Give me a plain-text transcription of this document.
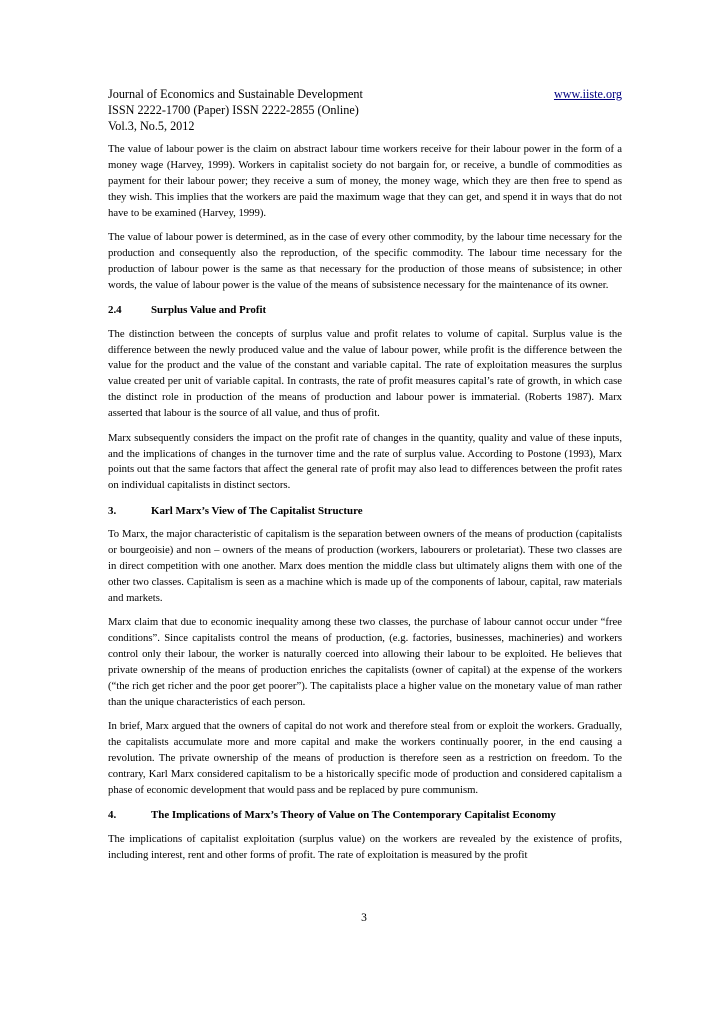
Journal of Economics and Sustainable Development	www.iiste.org
ISSN 2222-1700 (Paper) ISSN 2222-2855 (Online)
Vol.3, No.5, 2012

The value of labour power is the claim on abstract labour time workers receive for their labour power in the form of a money wage (Harvey, 1999). Workers in capitalist society do not bargain for, or receive, a bundle of commodities as payment for their labour power; they receive a sum of money, the money wage, which they are then free to spend as they wish. This implies that the workers are paid the maximum wage that they can get, and spend it in ways that do not have to be examined (Harvey, 1999).

The value of labour power is determined, as in the case of every other commodity, by the labour time necessary for the production and consequently also the reproduction, of the specific commodity. The labour time necessary for the production of labour power is the same as that necessary for the production of those means of subsistence; in other words, the value of labour power is the value of the means of subsistence necessary for the maintenance of its owner.

2.4	Surplus Value and Profit

The distinction between the concepts of surplus value and profit relates to volume of capital. Surplus value is the difference between the newly produced value and the value of labour power, while profit is the difference between the value for the product and the value of the constant and variable capital. The rate of exploitation measures the surplus value created per unit of variable capital. In contrasts, the rate of profit measures capital’s rate of growth, in which case the distinct role in production of the means of production and labour power is immaterial. (Roberts 1987). Marx asserted that labour is the source of all value, and thus of profit.

Marx subsequently considers the impact on the profit rate of changes in the quantity, quality and value of these inputs, and the implications of changes in the turnover time and the rate of surplus value. According to Postone (1993), Marx points out that the same factors that affect the general rate of profit may also lead to differences between the profit rates on individual capitalists in distinct sectors.

3.	Karl Marx’s View of The Capitalist Structure

To Marx, the major characteristic of capitalism is the separation between owners of the means of production (capitalists or bourgeoisie) and non – owners of the means of production (workers, labourers or proletariat). These two classes are in direct competition with one another. Marx does mention the middle class but ultimately aligns them with one of the other two classes. Capitalism is seen as a machine which is made up of the components of labour, capital, raw materials and markets.

Marx claim that due to economic inequality among these two classes, the purchase of labour cannot occur under “free conditions”. Since capitalists control the means of production, (e.g. factories, businesses, machineries) and workers control only their labour, the worker is naturally coerced into allowing their labour to be exploited. He believes that private ownership of the means of production enriches the capitalists (owner of capital) at the expense of the workers (“the rich get richer and the poor get poorer”). The capitalists place a higher value on the monetary value of man rather than the unique characteristics of each person.

In brief, Marx argued that the owners of capital do not work and therefore steal from or exploit the workers. Gradually, the capitalists accumulate more and more capital and make the workers continually poorer, in the end causing a revolution. The private ownership of the means of production is therefore seen as a restriction on freedom. To the contrary, Karl Marx considered capitalism to be a historically specific mode of production and considered capitalism a phase of economic development that would pass and be replaced by pure communism.

4.	The Implications of Marx’s Theory of Value on The Contemporary Capitalist Economy

The implications of capitalist exploitation (surplus value) on the workers are revealed by the existence of profits, including interest, rent and other forms of profit. The rate of exploitation is measured by the profit

3
